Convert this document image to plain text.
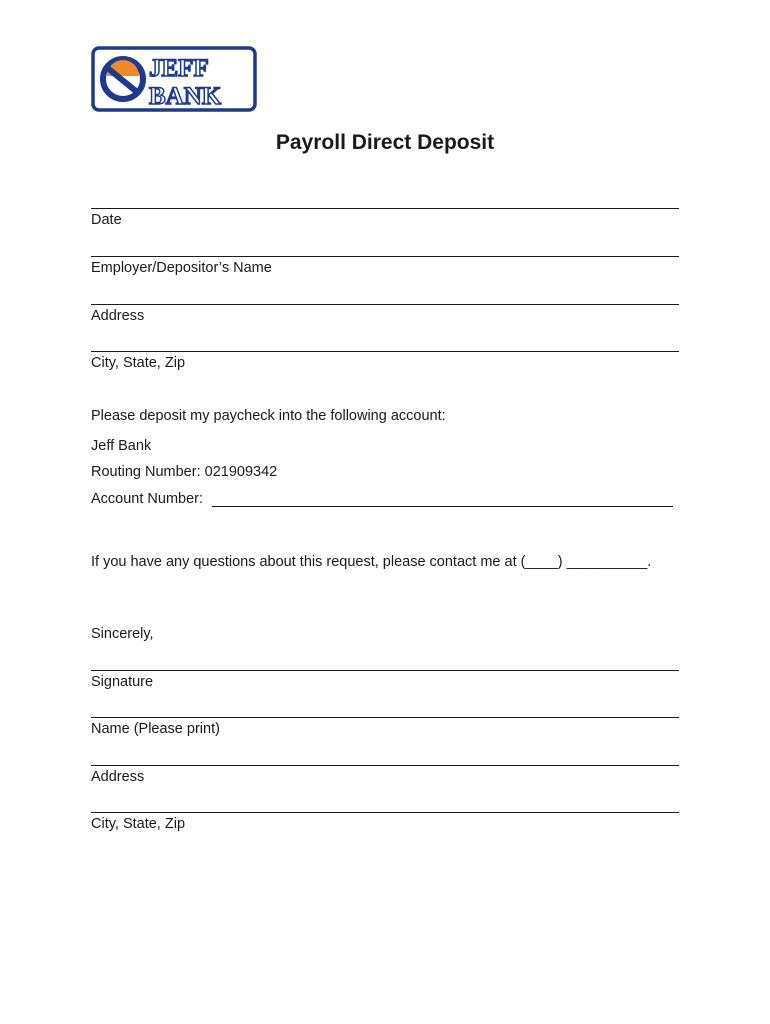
JEFF
BANK
Payroll Direct Deposit
Date
Employer/Depositor’s Name
Address
City, State, Zip
Please deposit my paycheck into the following account:
Jeff Bank
Routing Number: 021909342
Account Number:
If you have any questions about this request, please contact me at (____) __________.
Sincerely,
Signature
Name (Please print)
Address
City, State, Zip
